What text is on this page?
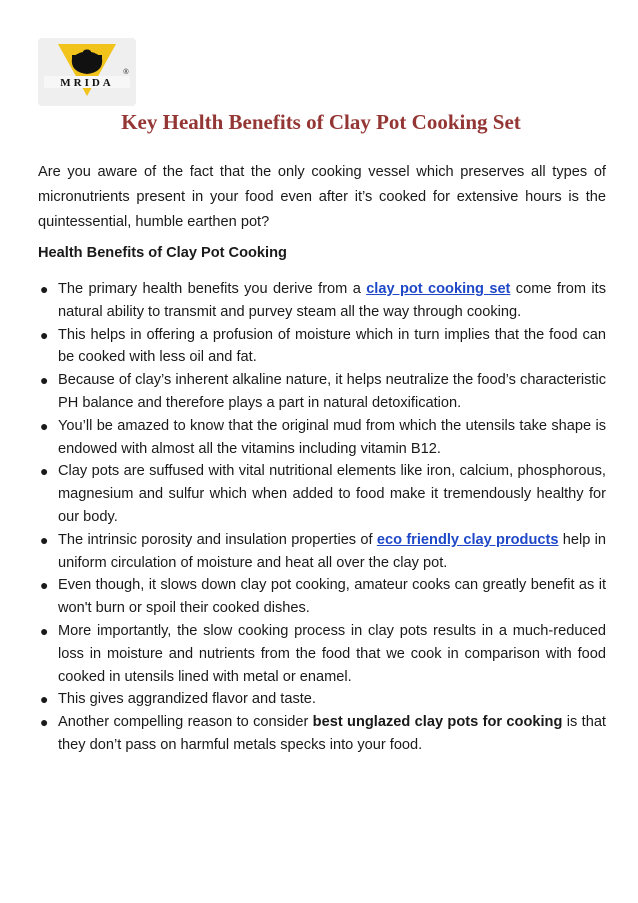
MRIDA
®
Key Health Benefits of Clay Pot Cooking Set
Are you aware of the fact that the only cooking vessel which preserves all types of micronutrients present in your food even after it’s cooked for extensive hours is the quintessential, humble earthen pot?
Health Benefits of Clay Pot Cooking
● The primary health benefits you derive from a clay pot cooking set come from its natural ability to transmit and purvey steam all the way through cooking.
● This helps in offering a profusion of moisture which in turn implies that the food can be cooked with less oil and fat.
● Because of clay’s inherent alkaline nature, it helps neutralize the food’s characteristic PH balance and therefore plays a part in natural detoxification.
● You’ll be amazed to know that the original mud from which the utensils take shape is endowed with almost all the vitamins including vitamin B12.
● Clay pots are suffused with vital nutritional elements like iron, calcium, phosphorous, magnesium and sulfur which when added to food make it tremendously healthy for our body.
● The intrinsic porosity and insulation properties of eco friendly clay products help in uniform circulation of moisture and heat all over the clay pot.
● Even though, it slows down clay pot cooking, amateur cooks can greatly benefit as it won't burn or spoil their cooked dishes.
● More importantly, the slow cooking process in clay pots results in a much-reduced loss in moisture and nutrients from the food that we cook in comparison with food cooked in utensils lined with metal or enamel.
● This gives aggrandized flavor and taste.
● Another compelling reason to consider best unglazed clay pots for cooking is that they don’t pass on harmful metals specks into your food.
